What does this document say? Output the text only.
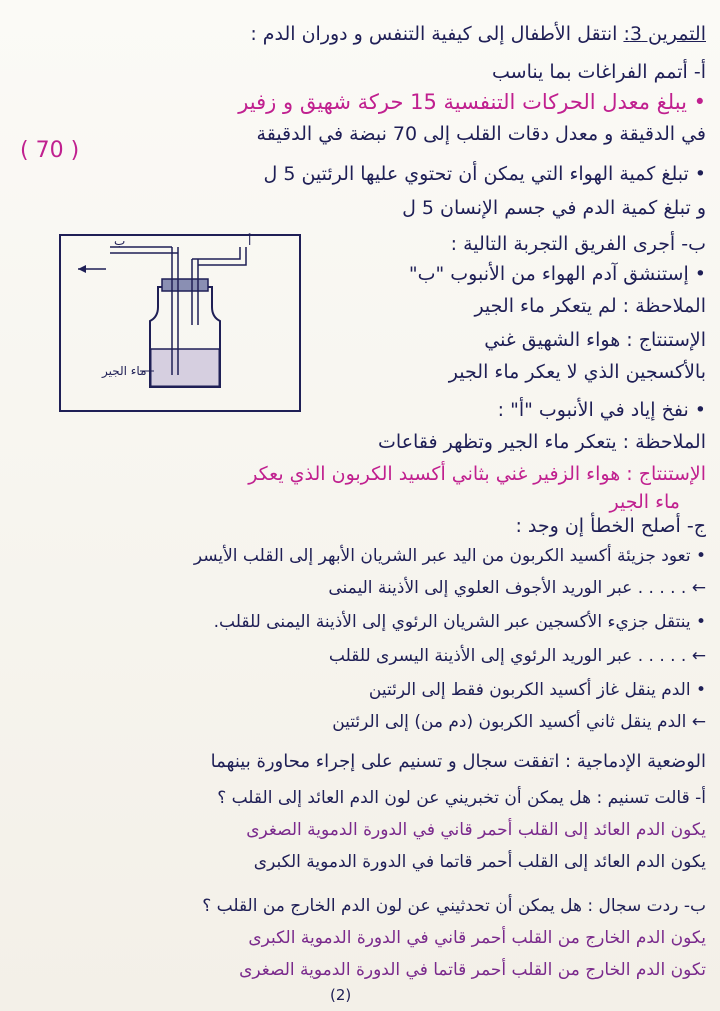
التمرين 3: انتقل الأطفال إلى كيفية التنفس و دوران الدم :
أ- أتمم الفراغات بما يناسب
• يبلغ معدل الحركات التنفسية 15 حركة شهيق و زفير
في الدقيقة و معدل دقات القلب إلى 70 نبضة في الدقيقة
( 70 )
• تبلغ كمية الهواء التي يمكن أن تحتوي عليها الرئتين 5 ل
و تبلغ كمية الدم في جسم الإنسان 5 ل
ب- أجرى الفريق التجربة التالية :
• إستنشق آدم الهواء من الأنبوب "ب"
الملاحظة : لم يتعكر ماء الجير
الإستنتاج : هواء الشهيق غني
بالأكسجين الذي لا يعكر ماء الجير
• نفخ إياد في الأنبوب "أ" :
الملاحظة : يتعكر ماء الجير وتظهر فقاعات
الإستنتاج : هواء الزفير غني بثاني أكسيد الكربون الذي يعكر
ماء الجير
ب	أ
ماء الجير
ج- أصلح الخطأ إن وجد :
• تعود جزيئة أكسيد الكربون من اليد عبر الشريان الأبهر إلى القلب الأيسر
← . . . . . عبر الوريد الأجوف العلوي إلى الأذينة اليمنى
• ينتقل جزيء الأكسجين عبر الشريان الرئوي إلى الأذينة اليمنى للقلب.
← . . . . . عبر الوريد الرئوي إلى الأذينة اليسرى للقلب
• الدم ينقل غاز أكسيد الكربون فقط إلى الرئتين
← الدم ينقل ثاني أكسيد الكربون (دم من) إلى الرئتين
الوضعية الإدماجية : اتفقت سجال و تسنيم على إجراء محاورة بينهما
أ- قالت تسنيم : هل يمكن أن تخبريني عن لون الدم العائد إلى القلب ؟
يكون الدم العائد إلى القلب أحمر قاني في الدورة الدموية الصغرى
يكون الدم العائد إلى القلب أحمر قاتما في الدورة الدموية الكبرى
ب- ردت سجال : هل يمكن أن تحدثيني عن لون الدم الخارج من القلب ؟
يكون الدم الخارج من القلب أحمر قاني في الدورة الدموية الكبرى
تكون الدم الخارج من القلب أحمر قاتما في الدورة الدموية الصغرى
(2)
